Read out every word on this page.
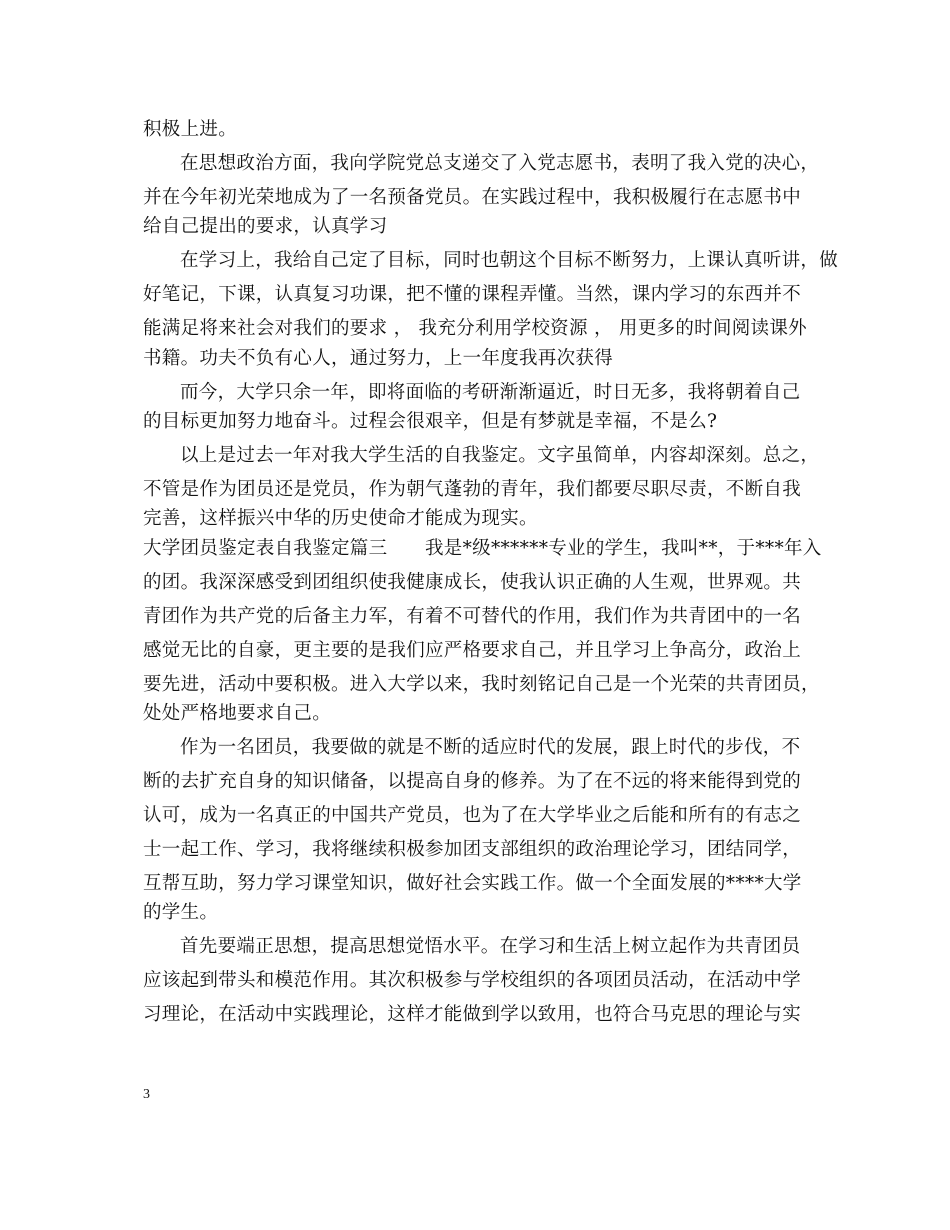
积极上进。
在思想政治方面，我向学院党总支递交了入党志愿书，表明了我入党的决心，
并在今年初光荣地成为了一名预备党员。在实践过程中，我积极履行在志愿书中
给自己提出的要求，认真学习
在学习上，我给自己定了目标，同时也朝这个目标不断努力，上课认真听讲，做
好笔记，下课，认真复习功课，把不懂的课程弄懂。当然，课内学习的东西并不
能满足将来社会对我们的要求 ， 我充分利用学校资源 ， 用更多的时间阅读课外
书籍。功夫不负有心人，通过努力，上一年度我再次获得
而今，大学只余一年，即将面临的考研渐渐逼近，时日无多，我将朝着自己
的目标更加努力地奋斗。过程会很艰辛，但是有梦就是幸福，不是么?
以上是过去一年对我大学生活的自我鉴定。文字虽简单，内容却深刻。总之，
不管是作为团员还是党员，作为朝气蓬勃的青年，我们都要尽职尽责，不断自我
完善，这样振兴中华的历史使命才能成为现实。
大学团员鉴定表自我鉴定篇三　　我是*级******专业的学生，我叫**，于***年入
的团。我深深感受到团组织使我健康成长，使我认识正确的人生观，世界观。共
青团作为共产党的后备主力军，有着不可替代的作用，我们作为共青团中的一名
感觉无比的自豪，更主要的是我们应严格要求自己，并且学习上争高分，政治上
要先进，活动中要积极。进入大学以来，我时刻铭记自己是一个光荣的共青团员，
处处严格地要求自己。
作为一名团员，我要做的就是不断的适应时代的发展，跟上时代的步伐，不
断的去扩充自身的知识储备，以提高自身的修养。为了在不远的将来能得到党的
认可，成为一名真正的中国共产党员，也为了在大学毕业之后能和所有的有志之
士一起工作、学习，我将继续积极参加团支部组织的政治理论学习，团结同学，
互帮互助，努力学习课堂知识，做好社会实践工作。做一个全面发展的****大学
的学生。
首先要端正思想，提高思想觉悟水平。在学习和生活上树立起作为共青团员
应该起到带头和模范作用。其次积极参与学校组织的各项团员活动，在活动中学
习理论，在活动中实践理论，这样才能做到学以致用，也符合马克思的理论与实
3
